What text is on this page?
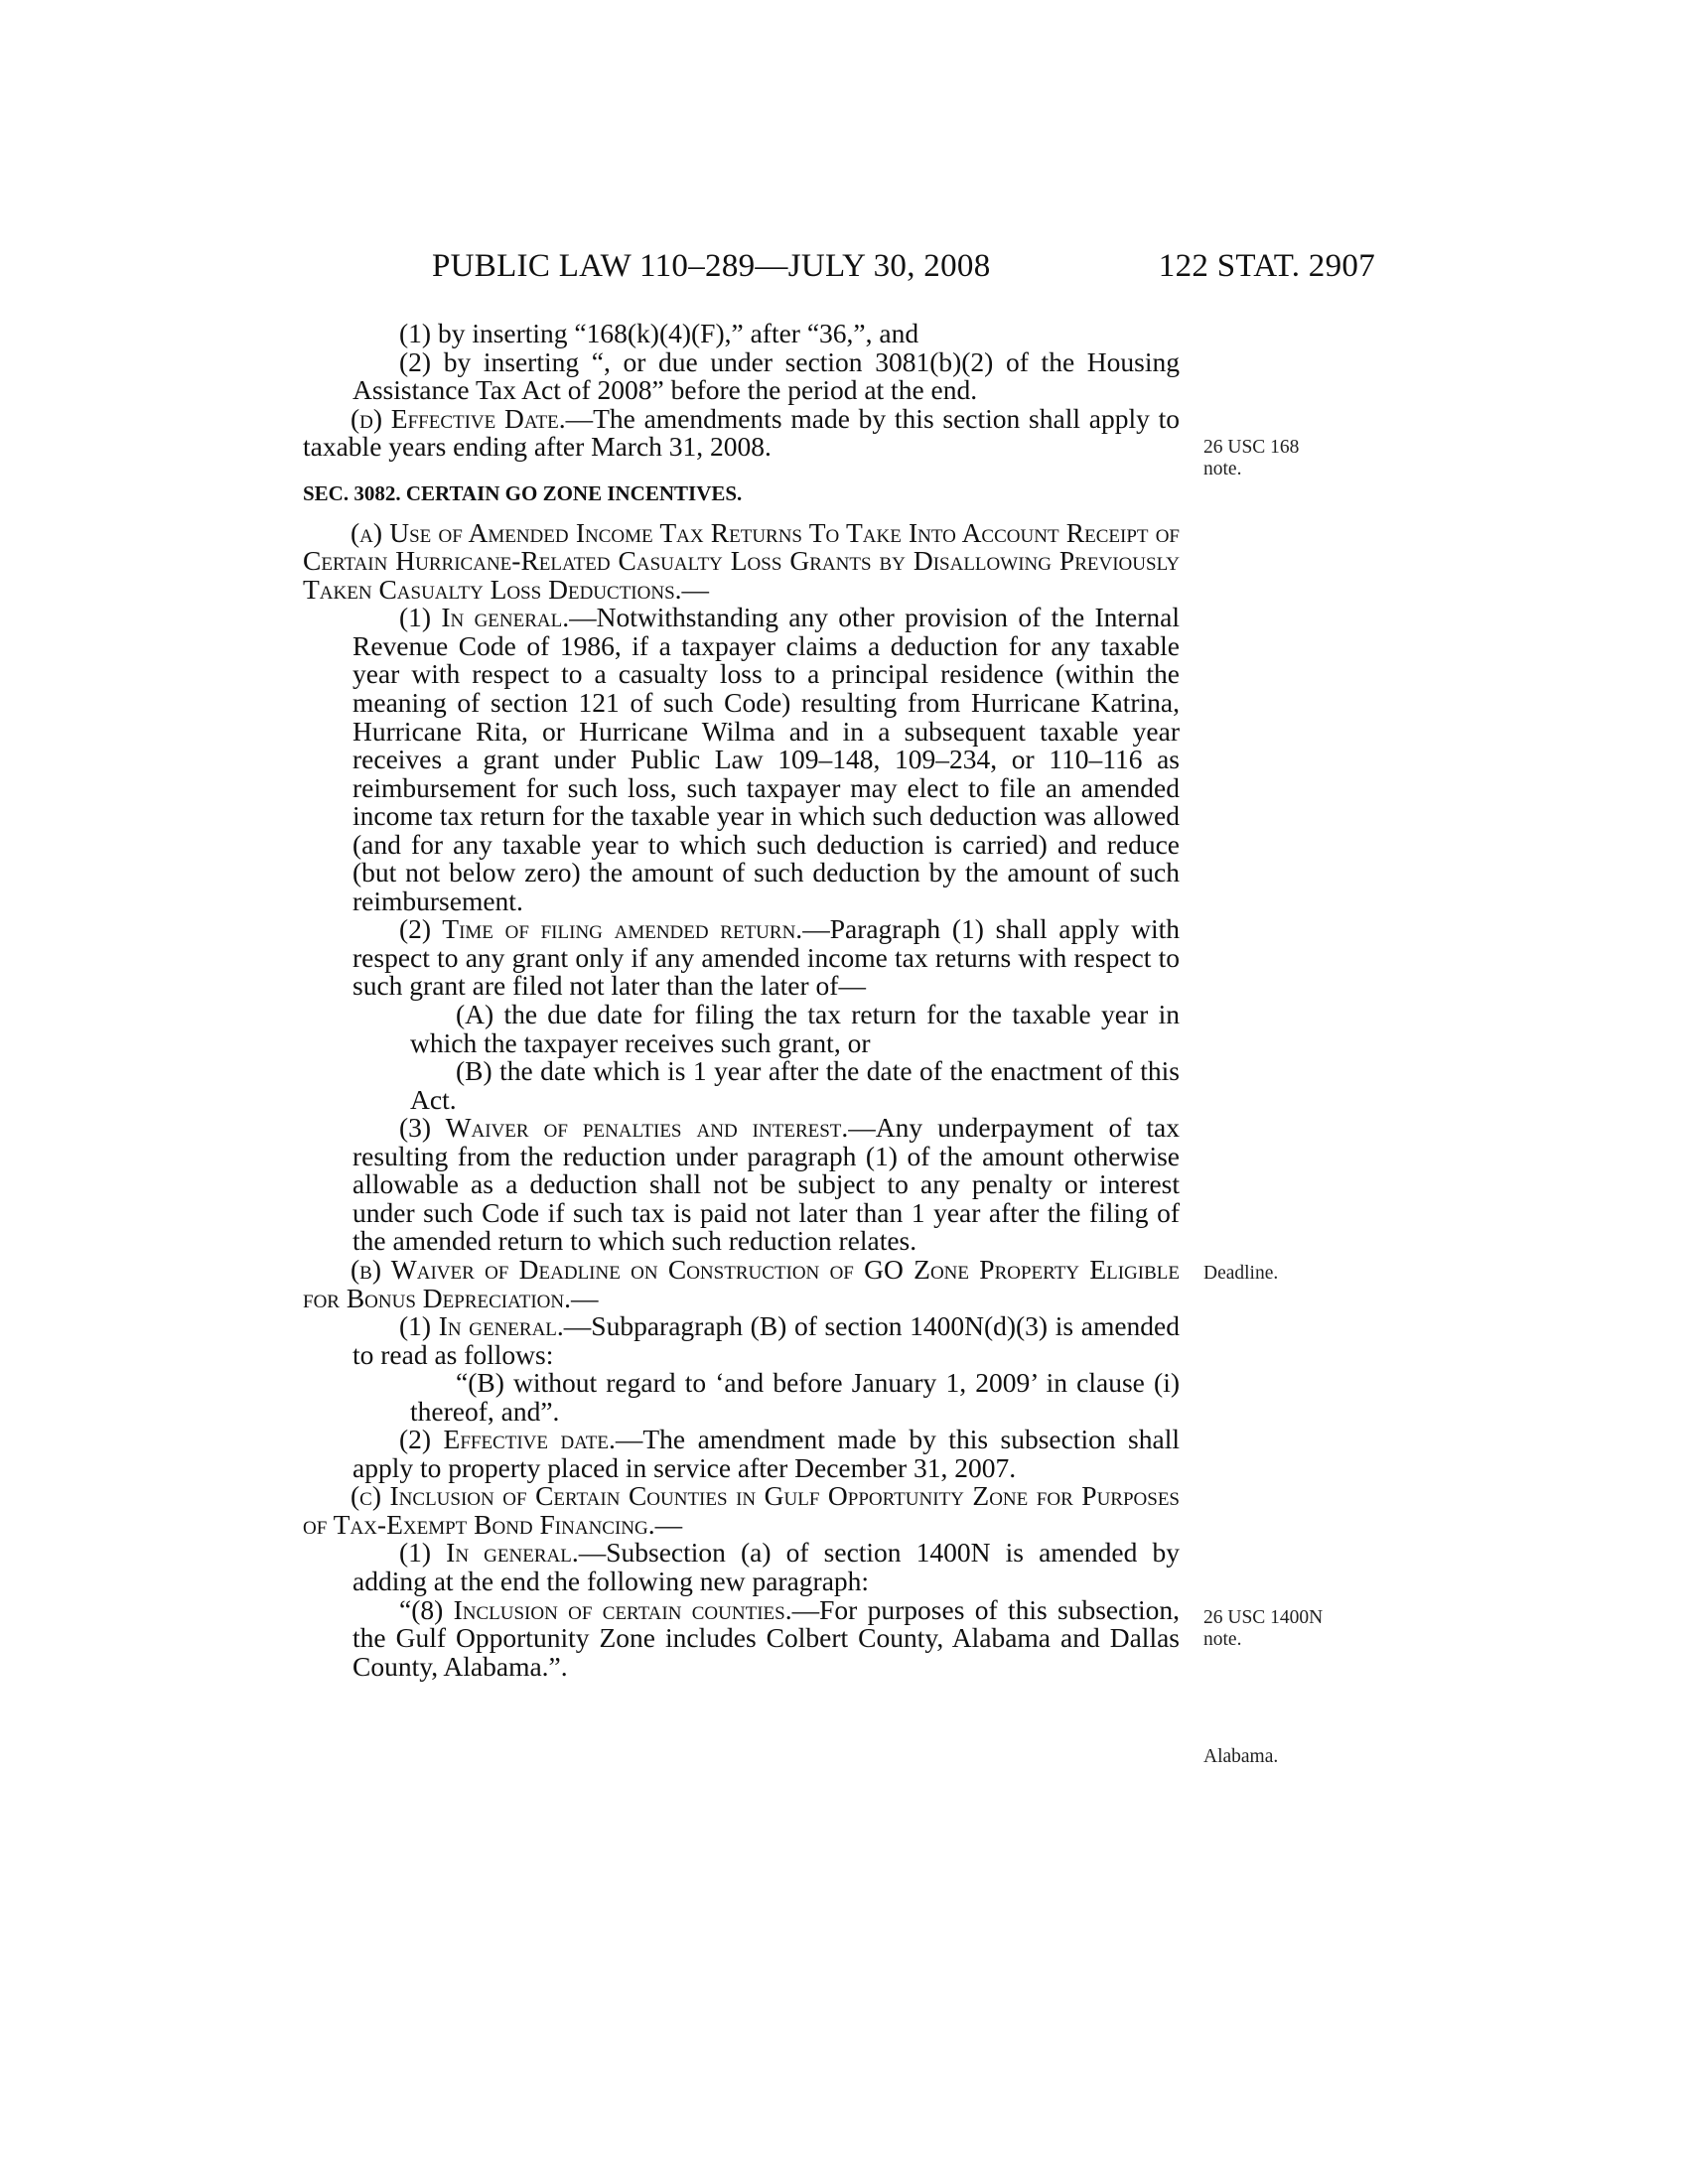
PUBLIC LAW 110–289—JULY 30, 2008	122 STAT. 2907

(1) by inserting “168(k)(4)(F),” after “36,”, and

(2) by inserting “, or due under section 3081(b)(2) of the Housing Assistance Tax Act of 2008” before the period at the end.

(d) Effective Date.—The amendments made by this section shall apply to taxable years ending after March 31, 2008.

SEC. 3082. CERTAIN GO ZONE INCENTIVES.

(a) Use of Amended Income Tax Returns To Take Into Account Receipt of Certain Hurricane-Related Casualty Loss Grants by Disallowing Previously Taken Casualty Loss Deductions.—

(1) In general.—Notwithstanding any other provision of the Internal Revenue Code of 1986, if a taxpayer claims a deduction for any taxable year with respect to a casualty loss to a principal residence (within the meaning of section 121 of such Code) resulting from Hurricane Katrina, Hurricane Rita, or Hurricane Wilma and in a subsequent taxable year receives a grant under Public Law 109–148, 109–234, or 110–116 as reimbursement for such loss, such taxpayer may elect to file an amended income tax return for the taxable year in which such deduction was allowed (and for any taxable year to which such deduction is carried) and reduce (but not below zero) the amount of such deduction by the amount of such reimbursement.

(2) Time of filing amended return.—Paragraph (1) shall apply with respect to any grant only if any amended income tax returns with respect to such grant are filed not later than the later of—

(A) the due date for filing the tax return for the taxable year in which the taxpayer receives such grant, or

(B) the date which is 1 year after the date of the enactment of this Act.

(3) Waiver of penalties and interest.—Any underpayment of tax resulting from the reduction under paragraph (1) of the amount otherwise allowable as a deduction shall not be subject to any penalty or interest under such Code if such tax is paid not later than 1 year after the filing of the amended return to which such reduction relates.

(b) Waiver of Deadline on Construction of GO Zone Property Eligible for Bonus Depreciation.—

(1) In general.—Subparagraph (B) of section 1400N(d)(3) is amended to read as follows:

“(B) without regard to ‘and before January 1, 2009’ in clause (i) thereof, and”.

(2) Effective date.—The amendment made by this subsection shall apply to property placed in service after December 31, 2007.

(c) Inclusion of Certain Counties in Gulf Opportunity Zone for Purposes of Tax-Exempt Bond Financing.—

(1) In general.—Subsection (a) of section 1400N is amended by adding at the end the following new paragraph:

“(8) Inclusion of certain counties.—For purposes of this subsection, the Gulf Opportunity Zone includes Colbert County, Alabama and Dallas County, Alabama.”.

26 USC 168
note.
Deadline.
26 USC 1400N
note.
Alabama.
